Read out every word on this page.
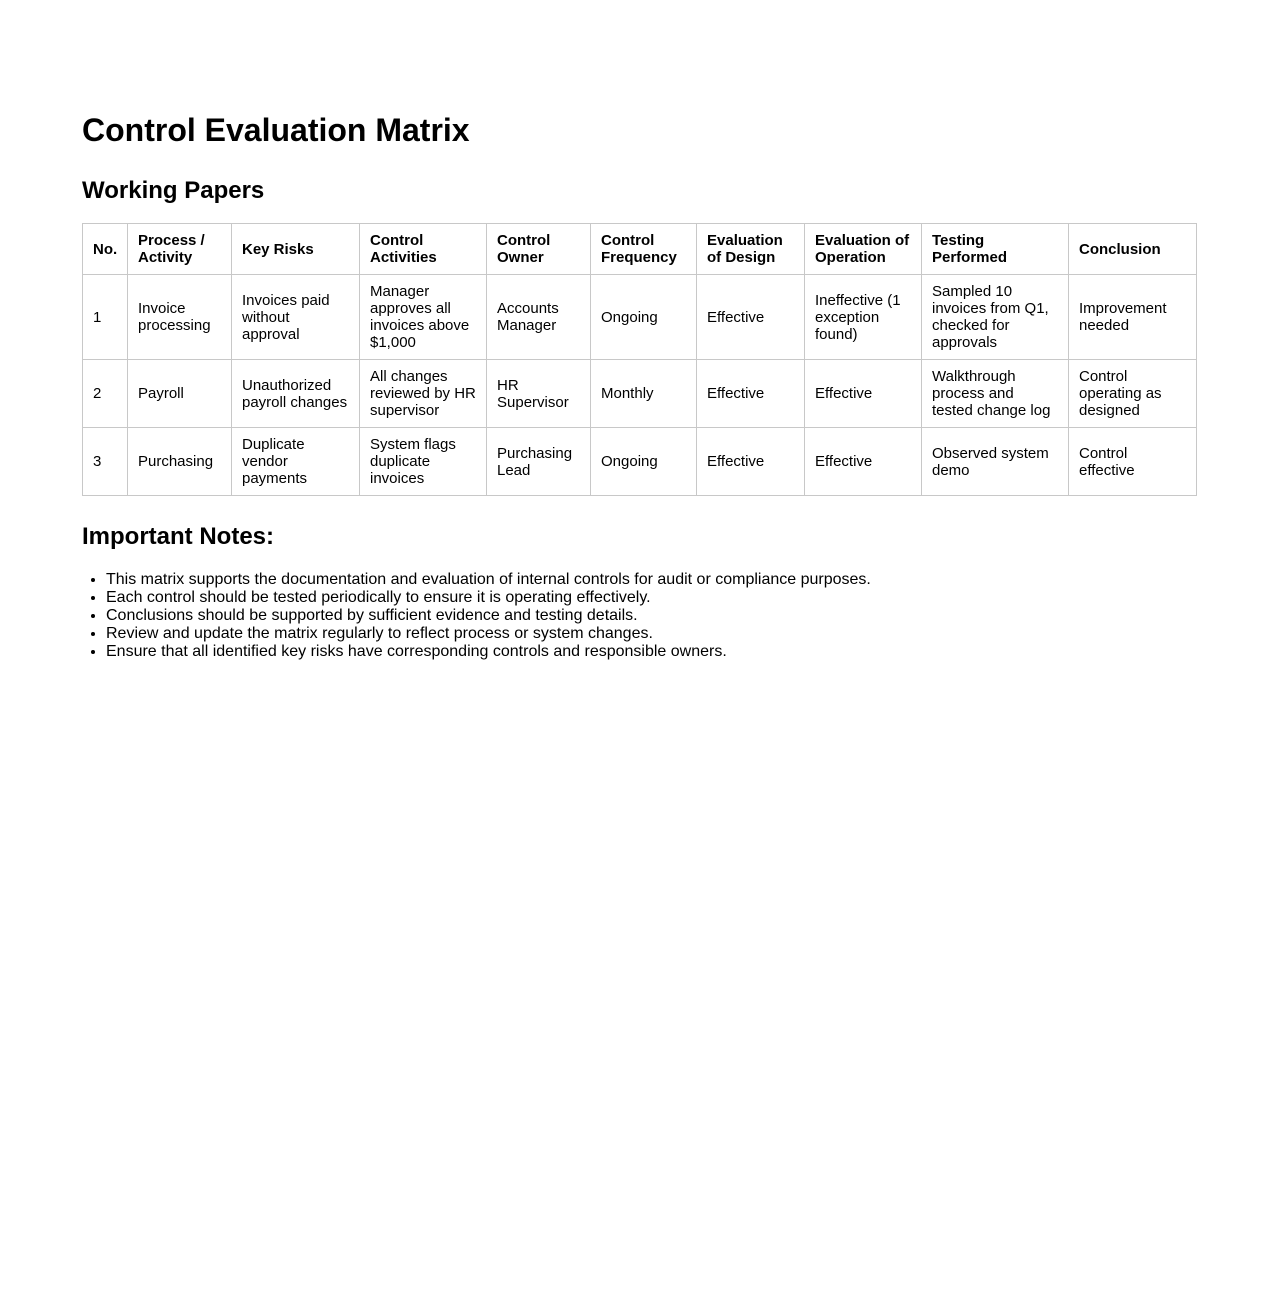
Control Evaluation Matrix
Working Papers
No.	Process / Activity	Key Risks	Control Activities	Control Owner	Control Frequency	Evaluation of Design	Evaluation of Operation	Testing Performed	Conclusion
1	Invoice processing	Invoices paid without approval	Manager approves all invoices above $1,000	Accounts Manager	Ongoing	Effective	Ineffective (1 exception found)	Sampled 10 invoices from Q1, checked for approvals	Improvement needed
2	Payroll	Unauthorized payroll changes	All changes reviewed by HR supervisor	HR Supervisor	Monthly	Effective	Effective	Walkthrough process and tested change log	Control operating as designed
3	Purchasing	Duplicate vendor payments	System flags duplicate invoices	Purchasing Lead	Ongoing	Effective	Effective	Observed system demo	Control effective
Important Notes:
• This matrix supports the documentation and evaluation of internal controls for audit or compliance purposes.
• Each control should be tested periodically to ensure it is operating effectively.
• Conclusions should be supported by sufficient evidence and testing details.
• Review and update the matrix regularly to reflect process or system changes.
• Ensure that all identified key risks have corresponding controls and responsible owners.
